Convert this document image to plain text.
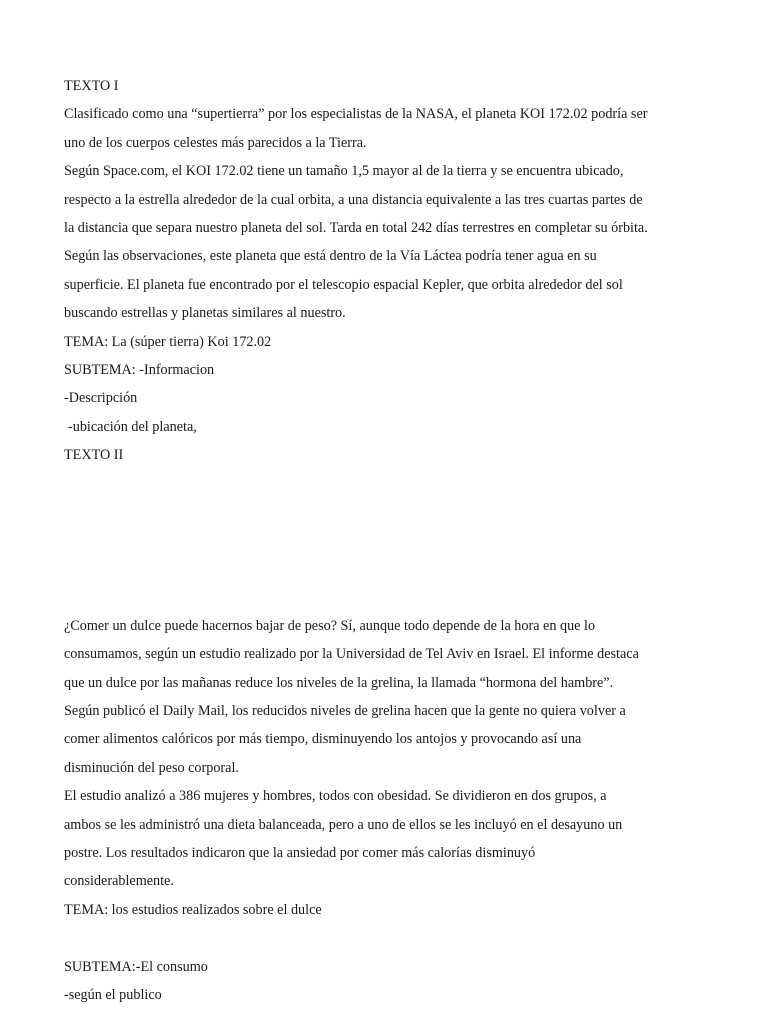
TEXTO I
Clasificado como una “supertierra” por los especialistas de la NASA, el planeta KOI 172.02 podría ser
uno de los cuerpos celestes más parecidos a la Tierra.
Según Space.com, el KOI 172.02 tiene un tamaño 1,5 mayor al de la tierra y se encuentra ubicado,
respecto a la estrella alrededor de la cual orbita, a una distancia equivalente a las tres cuartas partes de
la distancia que separa nuestro planeta del sol. Tarda en total 242 días terrestres en completar su órbita.
Según las observaciones, este planeta que está dentro de la Vía Láctea podría tener agua en su
superficie. El planeta fue encontrado por el telescopio espacial Kepler, que orbita alrededor del sol
buscando estrellas y planetas similares al nuestro.
TEMA: La (súper tierra) Koi 172.02
SUBTEMA: -Informacion
-Descripción
-ubicación del planeta,
TEXTO II
¿Comer un dulce puede hacernos bajar de peso? Sí, aunque todo depende de la hora en que lo
consumamos, según un estudio realizado por la Universidad de Tel Aviv en Israel. El informe destaca
que un dulce por las mañanas reduce los niveles de la grelina, la llamada “hormona del hambre”.
Según publicó el Daily Mail, los reducidos niveles de grelina hacen que la gente no quiera volver a
comer alimentos calóricos por más tiempo, disminuyendo los antojos y provocando así una
disminución del peso corporal.
El estudio analizó a 386 mujeres y hombres, todos con obesidad. Se dividieron en dos grupos, a
ambos se les administró una dieta balanceada, pero a uno de ellos se les incluyó en el desayuno un
postre. Los resultados indicaron que la ansiedad por comer más calorías disminuyó
considerablemente.
TEMA: los estudios realizados sobre el dulce
SUBTEMA:-El consumo
-según el publico
